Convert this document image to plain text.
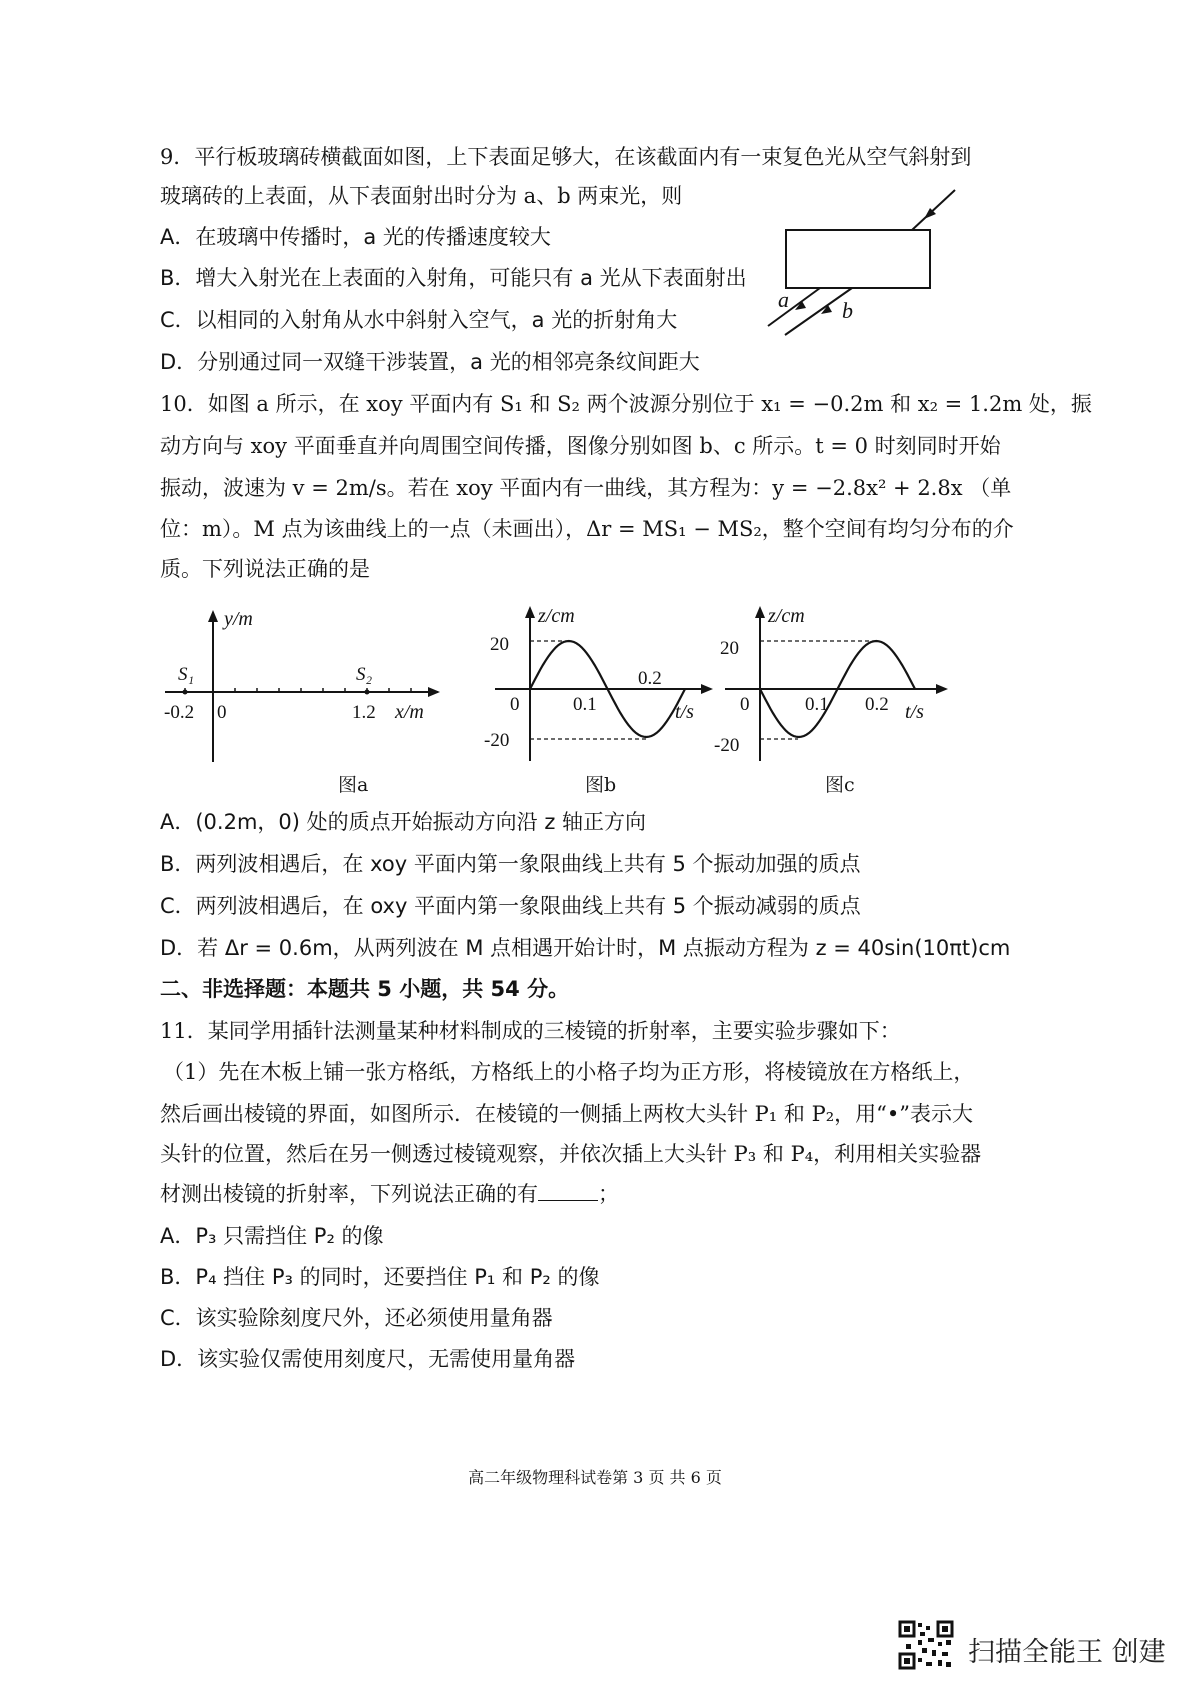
9．平行板玻璃砖横截面如图，上下表面足够大，在该截面内有一束复色光从空气斜射到
玻璃砖的上表面，从下表面射出时分为 a、b 两束光，则
A．在玻璃中传播时，a 光的传播速度较大
B．增大入射光在上表面的入射角，可能只有 a 光从下表面射出
C．以相同的入射角从水中斜射入空气，a 光的折射角大
D．分别通过同一双缝干涉装置，a 光的相邻亮条纹间距大
a b
10．如图 a 所示，在 xoy 平面内有 S₁ 和 S₂ 两个波源分别位于 x₁ = −0.2m 和 x₂ = 1.2m 处，振
动方向与 xoy 平面垂直并向周围空间传播，图像分别如图 b、c 所示。t = 0 时刻同时开始
振动，波速为 v = 2m/s。若在 xoy 平面内有一曲线，其方程为：y = −2.8x² + 2.8x （单
位：m）。M 点为该曲线上的一点（未画出），Δr = MS₁ − MS₂，整个空间有均匀分布的介
质。下列说法正确的是
S₁	S₂
y/m
x/m
-0.2 0	1.2
图a
z/cm
t/s
20
-20
0	0.1
0.2
图b
z/cm
t/s
20
-20
0	0.1 0.2
图c
A．(0.2m，0) 处的质点开始振动方向沿 z 轴正方向
B．两列波相遇后，在 xoy 平面内第一象限曲线上共有 5 个振动加强的质点
C．两列波相遇后，在 oxy 平面内第一象限曲线上共有 5 个振动减弱的质点
D．若 Δr = 0.6m，从两列波在 M 点相遇开始计时，M 点振动方程为 z = 40sin(10πt)cm
二、非选择题：本题共 5 小题，共 54 分。
11．某同学用插针法测量某种材料制成的三棱镜的折射率，主要实验步骤如下：
（1）先在木板上铺一张方格纸，方格纸上的小格子均为正方形，将棱镜放在方格纸上，
然后画出棱镜的界面，如图所示．在棱镜的一侧插上两枚大头针 P₁ 和 P₂，用“•”表示大
头针的位置，然后在另一侧透过棱镜观察，并依次插上大头针 P₃ 和 P₄，利用相关实验器
材测出棱镜的折射率，下列说法正确的有	；
A．P₃ 只需挡住 P₂ 的像
B．P₄ 挡住 P₃ 的同时，还要挡住 P₁ 和 P₂ 的像
C．该实验除刻度尺外，还必须使用量角器
D．该实验仅需使用刻度尺，无需使用量角器
高二年级物理科试卷第 3 页 共 6 页
扫描全能王 创建
